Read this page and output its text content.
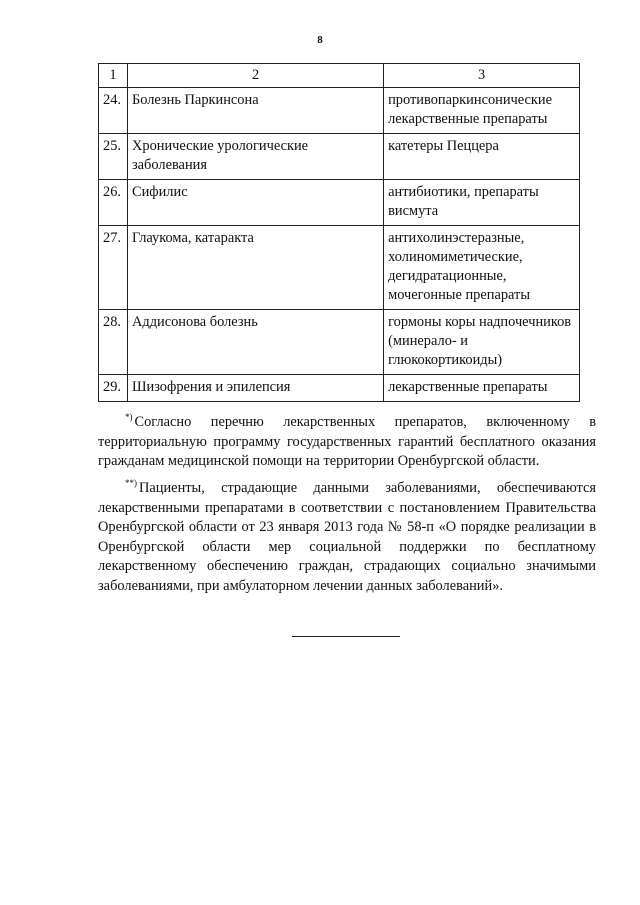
8
1	2	3
24.	Болезнь Паркинсона	противопаркинсонические лекарственные препараты
25.	Хронические урологические заболевания	катетеры Пеццера
26.	Сифилис	антибиотики, препараты висмута
27.	Глаукома, катаракта	антихолинэстеразные, холиномиметические, дегидратационные, мочегонные препараты
28.	Аддисонова болезнь	гормоны коры надпочечников (минерало- и глюкокортикоиды)
29.	Шизофрения и эпилепсия	лекарственные препараты

*) Согласно перечню лекарственных препаратов, включенному в территориальную программу государственных гарантий бесплатного оказания гражданам медицинской помощи на территории Оренбургской области.

**) Пациенты, страдающие данными заболеваниями, обеспечиваются лекарственными препаратами в соответствии с постановлением Правительства Оренбургской области от 23 января 2013 года № 58-п «О порядке реализации в Оренбургской области мер социальной поддержки по бесплатному лекарственному обеспечению граждан, страдающих социально значимыми заболеваниями, при амбулаторном лечении данных заболеваний».
